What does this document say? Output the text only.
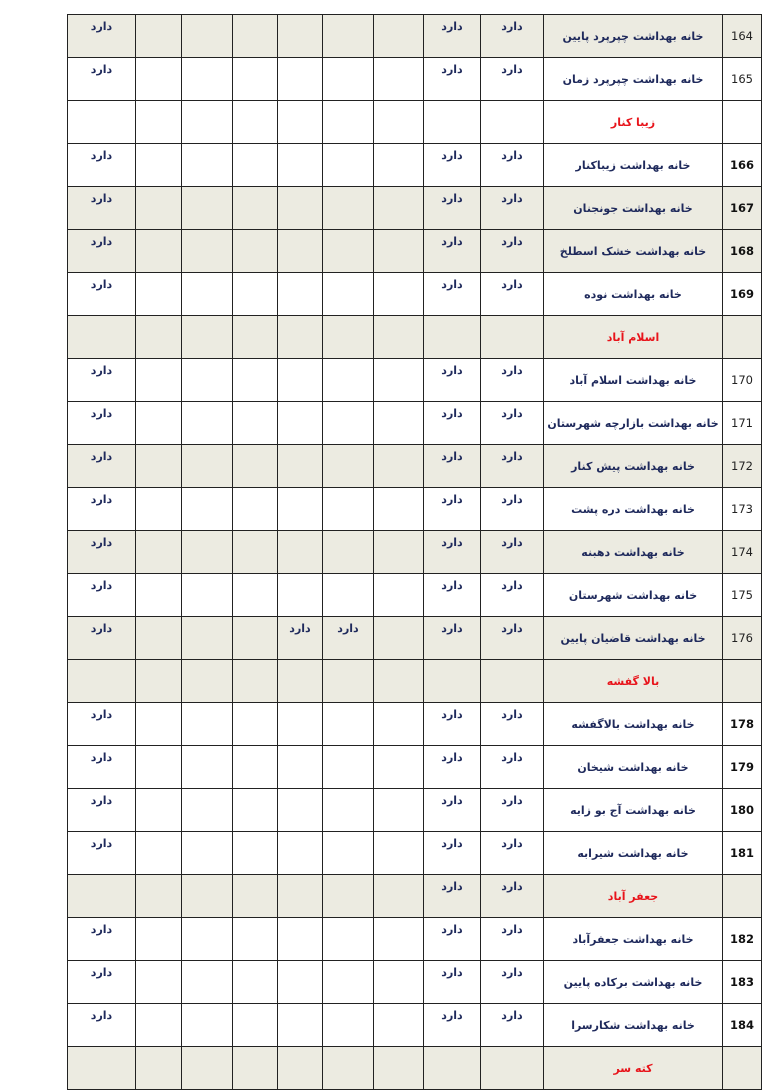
دارد							دارد	دارد	خانه بهداشت چپرپرد پایین	164
دارد							دارد	دارد	خانه بهداشت چپرپرد زمان	165
									زیبا کنار	
دارد							دارد	دارد	خانه بهداشت زیباکنار	166
دارد							دارد	دارد	خانه بهداشت جونجنان	167
دارد							دارد	دارد	خانه بهداشت خشک اسطلخ	168
دارد							دارد	دارد	خانه بهداشت نوده	169
									اسلام آباد	
دارد							دارد	دارد	خانه بهداشت اسلام آباد	170
دارد							دارد	دارد	خانه بهداشت بازارچه شهرستان	171
دارد							دارد	دارد	خانه بهداشت پیش کنار	172
دارد							دارد	دارد	خانه بهداشت دره پشت	173
دارد							دارد	دارد	خانه بهداشت دهبنه	174
دارد							دارد	دارد	خانه بهداشت شهرستان	175
دارد				دارد	دارد		دارد	دارد	خانه بهداشت قاضیان پایین	176
									بالا گفشه	
دارد							دارد	دارد	خانه بهداشت بالاگفشه	178
دارد							دارد	دارد	خانه بهداشت شیخان	179
دارد							دارد	دارد	خانه بهداشت آج بو زایه	180
دارد							دارد	دارد	خانه بهداشت شیرابه	181
							دارد	دارد	جعفر آباد	
دارد							دارد	دارد	خانه بهداشت جعفرآباد	182
دارد							دارد	دارد	خانه بهداشت برکاده پایین	183
دارد							دارد	دارد	خانه بهداشت شکارسرا	184
									کته سر	
